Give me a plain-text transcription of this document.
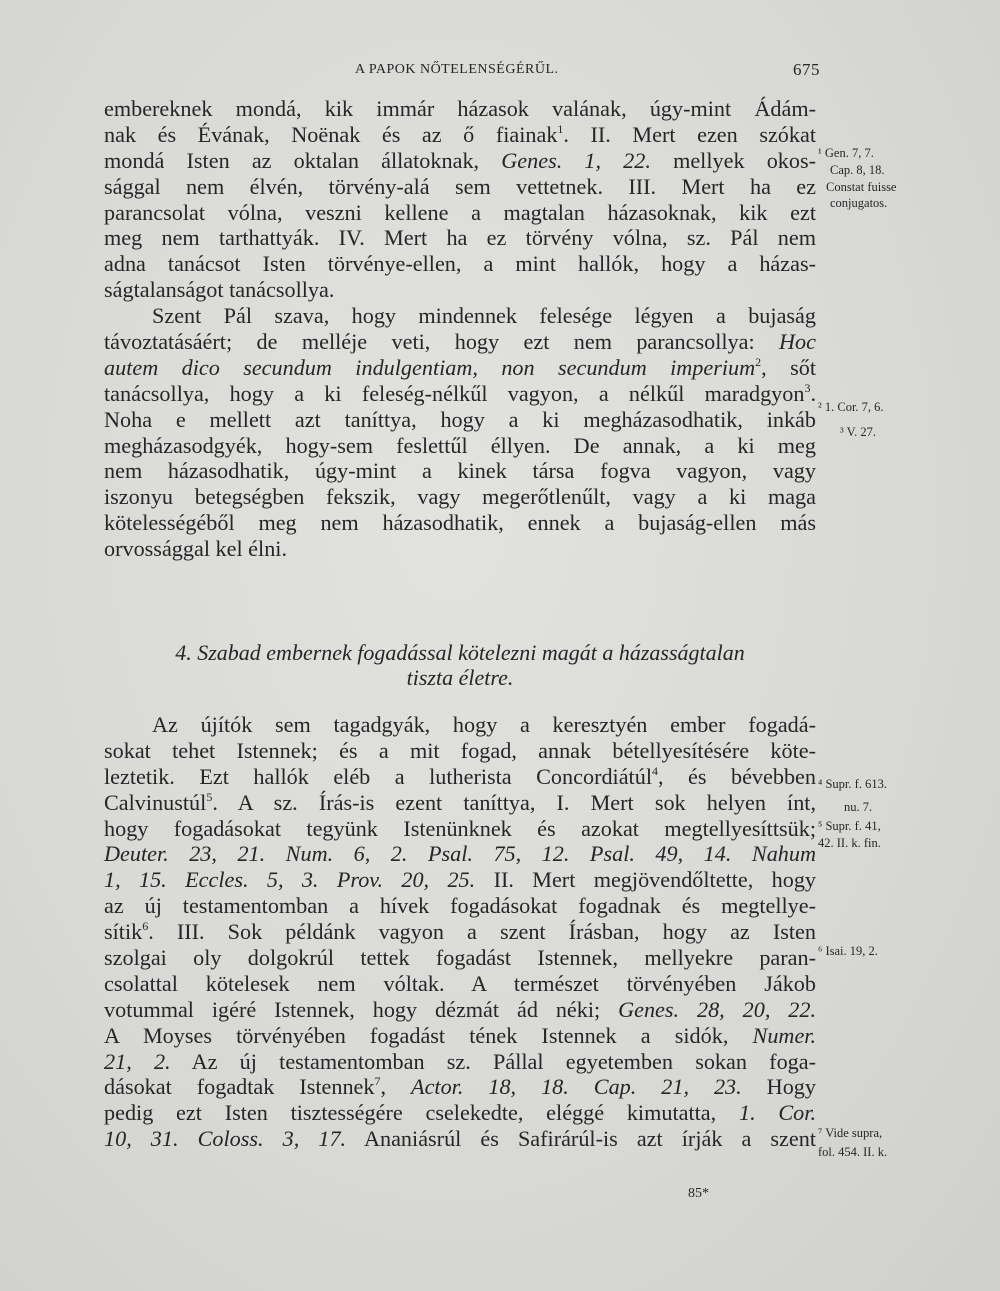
A PAPOK NŐTELENSÉGÉRŰL.	675
embereknek mondá, kik immár házasok valának, úgy-mint Ádám-
nak és Évának, Noënak és az ő fiainak$^1$. II. Mert ezen szókat
mondá Isten az oktalan állatoknak, Genes. 1, 22. mellyek okos-
sággal nem élvén, törvény-alá sem vettetnek. III. Mert ha ez
parancsolat vólna, veszni kellene a magtalan házasoknak, kik ezt
meg nem tarthattyák. IV. Mert ha ez törvény vólna, sz. Pál nem
adna tanácsot Isten törvénye-ellen, a mint hallók, hogy a házas-
ságtalanságot tanácsollya.
Szent Pál szava, hogy mindennek felesége légyen a bujaság
távoztatásáért; de melléje veti, hogy ezt nem parancsollya: Hoc
autem dico secundum indulgentiam, non secundum imperium$^2$, sőt
tanácsollya, hogy a ki feleség-nélkűl vagyon, a nélkűl maradgyon$^3$.
Noha e mellett azt taníttya, hogy a ki megházasodhatik, inkáb
megházasodgyék, hogy-sem feslettűl éllyen. De annak, a ki meg
nem házasodhatik, úgy-mint a kinek társa fogva vagyon, vagy
iszonyu betegségben fekszik, vagy megerőtlenűlt, vagy a ki maga
kötelességéből meg nem házasodhatik, ennek a bujaság-ellen más
orvossággal kel élni.
4. Szabad embernek fogadással kötelezni magát a házasságtalan
tiszta életre.
Az újítók sem tagadgyák, hogy a keresztyén ember fogadá-
sokat tehet Istennek; és a mit fogad, annak bétellyesítésére köte-
leztetik. Ezt hallók eléb a lutherista Concordiátúl$^4$, és bévebben
Calvinustúl$^5$. A sz. Írás-is ezent taníttya, I. Mert sok helyen ínt,
hogy fogadásokat tegyünk Istenünknek és azokat megtellyesíttsük;
Deuter. 23, 21. Num. 6, 2. Psal. 75, 12. Psal. 49, 14. Nahum
1, 15. Eccles. 5, 3. Prov. 20, 25. II. Mert megjövendőltette, hogy
az új testamentomban a hívek fogadásokat fogadnak és megtellye-
sítik$^6$. III. Sok példánk vagyon a szent Írásban, hogy az Isten
szolgai oly dolgokrúl tettek fogadást Istennek, mellyekre paran-
csolattal kötelesek nem vóltak. A természet törvényében Jákob
votummal igéré Istennek, hogy dézmát ád néki; Genes. 28, 20, 22.
A Moyses törvényében fogadást tének Istennek a sidók, Numer.
21, 2. Az új testamentomban sz. Pállal egyetemben sokan foga-
dásokat fogadtak Istennek$^7$, Actor. 18, 18. Cap. 21, 23. Hogy
pedig ezt Isten tisztességére cselekedte, eléggé kimutatta, 1. Cor.
10, 31. Coloss. 3, 17. Ananiásrúl és Safirárúl-is azt írják a szent
¹ Gen. 7, 7.
Cap. 8, 18.
Constat fuisse
conjugatos.
² 1. Cor. 7, 6.
³ V. 27.
⁴ Supr. f. 613.
nu. 7.
⁵ Supr. f. 41,
42. II. k. fin.
⁶ Isai. 19, 2.
⁷ Vide supra,
fol. 454. II. k.
85*
